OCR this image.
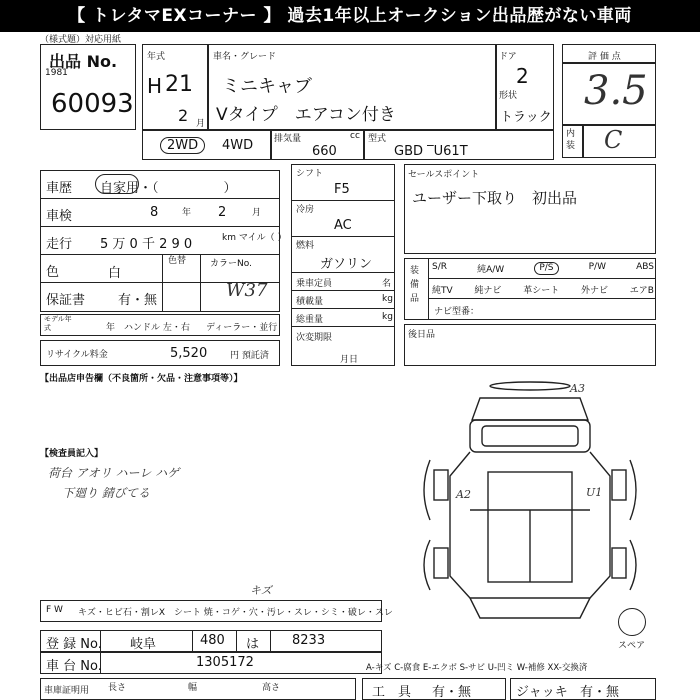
【 トレタマEXコーナー 】 過去1年以上オークション出品歴がない車両
（様式題）対応用紙
出品 No.
1981
60093
年式
H 21
2 月
車名・グレード
ミニキャブ
Vタイプ　エアコン付き
ドア
2
形状
トラック
評 価 点
3.5
内装 C
2WD	4WD 排気量	cc
660
型式
GBD ‾U61T
車歴 自家用・（　　　　　）
車検	8	年 2	月
走行 5 万 0 千 2 9 0	km マイル（ ）
色	白
色替	カラーNo.
W37
保証書	有・無
モデル年式	年 ハンドル 左・右 ディーラー・並行
リサイクル料金	5,520	円 預託済
シフト
F5
冷房
AC
燃料
ガソリン
乗車定員	名
積載量	kg
総重量	kg
次変期限
月日
セールスポイント
ユーザー下取り　初出品
装備品
S/R	純A/W	P/S	P/W	ABS
純TV 純ナビ 革シート 外ナビ エアB
ナビ型番：
後日品
【出品店申告欄（不良箇所・欠品・注意事項等）】
【検査員記入】
荷台 アオリ ハーレ ハゲ
下廻り 錆びてる
A3
A2	U1
スペア
F W キズ・ヒビ石・割レX　シート 焼・コゲ・穴・汚レ・スレ・シミ・破レ・スレ
キズ
登 録 No. 岐阜	480 は	8233
車 台 No.	1305172	A-キズ C-腐食 E-エクボ S-サビ U-凹ミ W-補修 XX-交換済
車庫証明用 長さ	幅	高さ	工　具 有・無	ジャッキ 有・無
